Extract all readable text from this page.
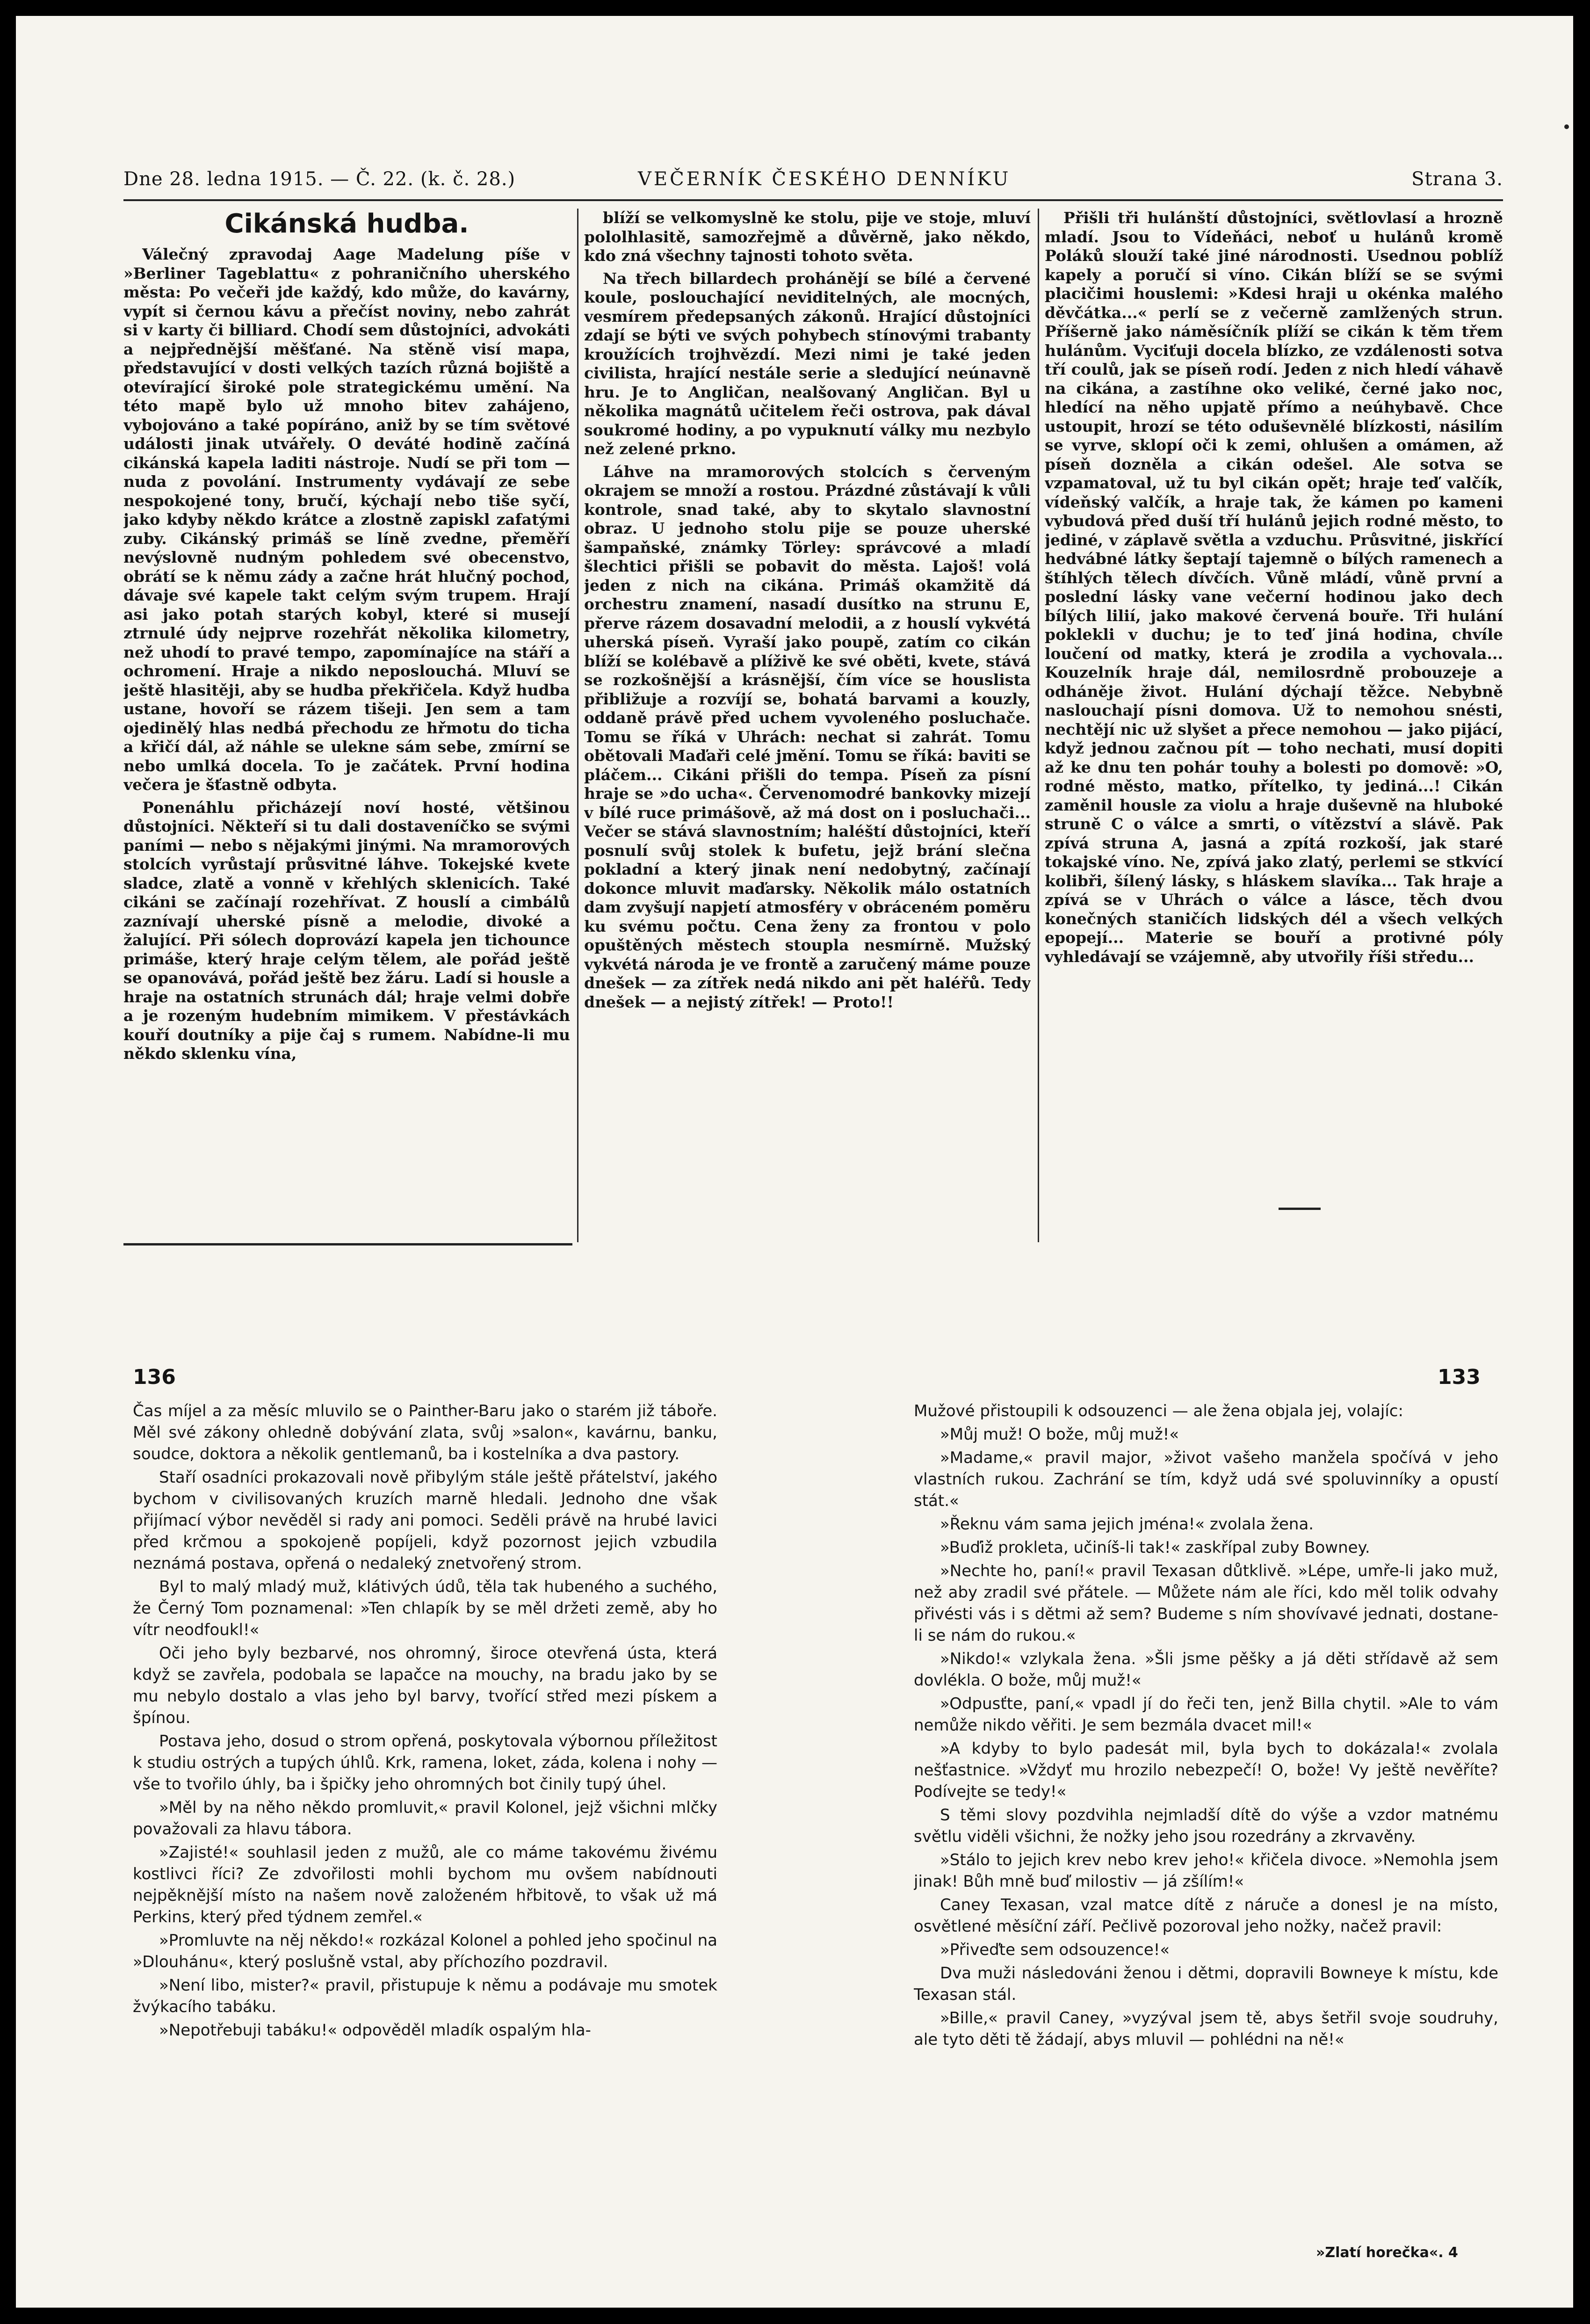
Dne 28. ledna 1915. — Č. 22. (k. č. 28.)	VEČERNÍK ČESKÉHO DENNÍKU	Strana 3.

Cikánská hudba.

Válečný zpravodaj Aage Madelung píše v »Berliner Tageblattu« z pohraničního uherského města: Po večeři jde každý, kdo může, do kavárny, vypít si černou kávu a přečíst noviny, nebo zahrát si v karty či billiard. Chodí sem důstojníci, advokáti a nejpřednější měšťané. Na stěně visí mapa, představující v dosti velkých tazích různá bojiště a otevírající široké pole strategickému umění. Na této mapě bylo už mnoho bitev zahájeno, vybojováno a také popíráno, aniž by se tím světové události jinak utvářely. O deváté hodině začíná cikánská kapela laditi nástroje. Nudí se při tom — nuda z povolání. Instrumenty vydávají ze sebe nespokojené tony, bručí, kýchají nebo tiše syčí, jako kdyby někdo krátce a zlostně zapiskl zafatými zuby. Cikánský primáš se líně zvedne, přeměří nevýslovně nudným pohledem své obecenstvo, obrátí se k němu zády a začne hrát hlučný pochod, dávaje své kapele takt celým svým trupem. Hrají asi jako potah starých kobyl, které si musejí ztrnulé údy nejprve rozehřát několika kilometry, než uhodí to pravé tempo, zapomínajíce na stáří a ochromení. Hraje a nikdo neposlouchá. Mluví se ještě hlasitěji, aby se hudba překřičela. Když hudba ustane, hovoří se rázem tišeji. Jen sem a tam ojedinělý hlas nedbá přechodu ze hřmotu do ticha a křičí dál, až náhle se ulekne sám sebe, zmírní se nebo umlká docela. To je začátek. První hodina večera je šťastně odbyta.

Ponenáhlu přicházejí noví hosté, většinou důstojníci. Někteří si tu dali dostaveníčko se svými paními — nebo s nějakými jinými. Na mramorových stolcích vyrůstají průsvitné láhve. Tokejské kvete sladce, zlatě a vonně v křehlých sklenicích. Také cikáni se začínají rozehřívat. Z houslí a cimbálů zaznívají uherské písně a melodie, divoké a žalující. Při sólech doprovází kapela jen tichounce primáše, který hraje celým tělem, ale pořád ještě se opanovává, pořád ještě bez žáru. Ladí si housle a hraje na ostatních strunách dál; hraje velmi dobře a je rozeným hudebním mimikem. V přestávkách kouří doutníky a pije čaj s rumem. Nabídne-li mu někdo sklenku vína,

blíží se velkomyslně ke stolu, pije ve stoje, mluví pololhlasitě, samozřejmě a důvěrně, jako někdo, kdo zná všechny tajnosti tohoto světa.

Na třech billardech prohánějí se bílé a červené koule, poslouchající neviditelných, ale mocných, vesmírem předepsaných zákonů. Hrající důstojníci zdají se býti ve svých pohybech stínovými trabanty kroužících trojhvězdí. Mezi nimi je také jeden civilista, hrající nestále serie a sledující neúnavně hru. Je to Angličan, nealšovaný Angličan. Byl u několika magnátů učitelem řeči ostrova, pak dával soukromé hodiny, a po vypuknutí války mu nezbylo než zelené prkno.

Láhve na mramorových stolcích s červeným okrajem se množí a rostou. Prázdné zůstávají k vůli kontrole, snad také, aby to skytalo slavnostní obraz. U jednoho stolu pije se pouze uherské šampaňské, známky Törley: správcové a mladí šlechtici přišli se pobavit do města. Lajoš! volá jeden z nich na cikána. Primáš okamžitě dá orchestru znamení, nasadí dusítko na strunu E, přerve rázem dosavadní melodii, a z houslí vykvétá uherská píseň. Vyraší jako poupě, zatím co cikán blíží se kolébavě a plíživě ke své oběti, kvete, stává se rozkošnější a krásnější, čím více se houslista přibližuje a rozvíjí se, bohatá barvami a kouzly, oddaně právě před uchem vyvoleného posluchače. Tomu se říká v Uhrách: nechat si zahrát. Tomu obětovali Maďaři celé jmění. Tomu se říká: baviti se pláčem... Cikáni přišli do tempa. Píseň za písní hraje se »do ucha«. Červenomodré bankovky mizejí v bílé ruce primášově, až má dost on i posluchači... Večer se stává slavnostním; haléští důstojníci, kteří posnulí svůj stolek k bufetu, jejž brání slečna pokladní a který jinak není nedobytný, začínají dokonce mluvit maďarsky. Několik málo ostatních dam zvyšují napjetí atmosféry v obráceném poměru ku svému počtu. Cena ženy za frontou v polo opuštěných městech stoupla nesmírně. Mužský vykvétá národa je ve frontě a zaručený máme pouze dnešek — za zítřek nedá nikdo ani pět haléřů. Tedy dnešek — a nejistý zítřek! — Proto!!

Přišli tři hulánští důstojníci, světlovlasí a hrozně mladí. Jsou to Vídeňáci, neboť u hulánů kromě Poláků slouží také jiné národnosti. Usednou poblíž kapely a poručí si víno. Cikán blíží se se svými placičimi houslemi: »Kdesi hraji u okénka malého děvčátka...« perlí se z večerně zamlžených strun. Příšerně jako náměsíčník plíží se cikán k těm třem hulánům. Vyciťuji docela blízko, ze vzdálenosti sotva tří coulů, jak se píseň rodí. Jeden z nich hledí váhavě na cikána, a zastíhne oko veliké, černé jako noc, hledící na něho upjatě přímo a neúhybavě. Chce ustoupit, hrozí se této oduševnělé blízkosti, násilím se vyrve, sklopí oči k zemi, ohlušen a omámen, až píseň dozněla a cikán odešel. Ale sotva se vzpamatoval, už tu byl cikán opět; hraje teď valčík, vídeňský valčík, a hraje tak, že kámen po kameni vybudová před duší tří hulánů jejich rodné město, to jediné, v záplavě světla a vzduchu. Průsvitné, jiskřící hedvábné látky šeptají tajemně o bílých ramenech a štíhlých tělech dívčích. Vůně mládí, vůně první a poslední lásky vane večerní hodinou jako dech bílých lilií, jako makové červená bouře. Tři hulání poklekli v duchu; je to teď jiná hodina, chvíle loučení od matky, která je zrodila a vychovala... Kouzelník hraje dál, nemilosrdně probouzeje a odháněje život. Hulání dýchají těžce. Nebybně naslouchají písni domova. Už to nemohou snésti, nechtějí nic už slyšet a přece nemohou — jako pijácí, když jednou začnou pít — toho nechati, musí dopiti až ke dnu ten pohár touhy a bolesti po domově: »O, rodné město, matko, přítelko, ty jediná...! Cikán zaměnil housle za violu a hraje duševně na hluboké struně C o válce a smrti, o vítězství a slávě. Pak zpívá struna A, jasná a zpítá rozkoší, jak staré tokajské víno. Ne, zpívá jako zlatý, perlemi se stkvící kolibři, šílený lásky, s hláskem slavíka... Tak hraje a zpívá se v Uhrách o válce a lásce, těch dvou konečných staničích lidských dél a všech velkých epopejí... Materie se bouří a protivné póly vyhledávají se vzájemně, aby utvořily říši středu...

136	133

Čas míjel a za měsíc mluvilo se o Painther-Baru jako o starém již táboře. Měl své zákony ohledně dobývání zlata, svůj »salon«, kavárnu, banku, soudce, doktora a několik gentlemanů, ba i kostelníka a dva pastory.

Staří osadníci prokazovali nově přibylým stále ještě přátelství, jakého bychom v civilisovaných kruzích marně hledali. Jednoho dne však přijímací výbor nevěděl si rady ani pomoci. Seděli právě na hrubé lavici před krčmou a spokojeně popíjeli, když pozornost jejich vzbudila neznámá postava, opřená o nedaleký znetvořený strom.

Byl to malý mladý muž, klátivých údů, těla tak hubeného a suchého, že Černý Tom poznamenal: »Ten chlapík by se měl držeti země, aby ho vítr neodfoukl!«

Oči jeho byly bezbarvé, nos ohromný, široce otevřená ústa, která když se zavřela, podobala se lapačce na mouchy, na bradu jako by se mu nebylo dostalo a vlas jeho byl barvy, tvořící střed mezi pískem a špínou.

Postava jeho, dosud o strom opřená, poskytovala výbornou příležitost k studiu ostrých a tupých úhlů. Krk, ramena, loket, záda, kolena i nohy — vše to tvořilo úhly, ba i špičky jeho ohromných bot činily tupý úhel.

»Měl by na něho někdo promluvit,« pravil Kolonel, jejž všichni mlčky považovali za hlavu tábora.

»Zajisté!« souhlasil jeden z mužů, ale co máme takovému živému kostlivci říci? Ze zdvořilosti mohli bychom mu ovšem nabídnouti nejpěknější místo na našem nově založeném hřbitově, to však už má Perkins, který před týdnem zemřel.«

»Promluvte na něj někdo!« rozkázal Kolonel a pohled jeho spočinul na »Dlouhánu«, který poslušně vstal, aby příchozího pozdravil.

»Není libo, mister?« pravil, přistupuje k němu a podávaje mu smotek žvýkacího tabáku.

»Nepotřebuji tabáku!« odpověděl mladík ospalým hla-

Mužové přistoupili k odsouzenci — ale žena objala jej, volajíc:

»Můj muž! O bože, můj muž!«

»Madame,« pravil major, »život vašeho manžela spočívá v jeho vlastních rukou. Zachrání se tím, když udá své spoluvinníky a opustí stát.«

»Řeknu vám sama jejich jména!« zvolala žena.

»Buďiž prokleta, učiníš-li tak!« zaskřípal zuby Bowney.

»Nechte ho, paní!« pravil Texasan důtklivě. »Lépe, umře-li jako muž, než aby zradil své přátele. — Můžete nám ale říci, kdo měl tolik odvahy přivésti vás i s dětmi až sem? Budeme s ním shovívavé jednati, dostane-li se nám do rukou.«

»Nikdo!« vzlykala žena. »Šli jsme pěšky a já děti střídavě až sem dovlékla. O bože, můj muž!«

»Odpusťte, paní,« vpadl jí do řeči ten, jenž Billa chytil. »Ale to vám nemůže nikdo věřiti. Je sem bezmála dvacet mil!«

»A kdyby to bylo padesát mil, byla bych to dokázala!« zvolala nešťastnice. »Vždyť mu hrozilo nebezpečí! O, bože! Vy ještě nevěříte? Podívejte se tedy!«

S těmi slovy pozdvihla nejmladší dítě do výše a vzdor matnému světlu viděli všichni, že nožky jeho jsou rozedrány a zkrvavěny.

»Stálo to jejich krev nebo krev jeho!« křičela divoce. »Nemohla jsem jinak! Bůh mně buď milostiv — já zšílím!«

Caney Texasan, vzal matce dítě z náruče a donesl je na místo, osvětlené měsíční září. Pečlivě pozoroval jeho nožky, načež pravil:

»Přiveďte sem odsouzence!«

Dva muži následováni ženou i dětmi, dopravili Bowneye k místu, kde Texasan stál.

»Bille,« pravil Caney, »vyzýval jsem tě, abys šetřil svoje soudruhy, ale tyto děti tě žádají, abys mluvil — pohlédni na ně!«

»Zlatí horečka«. 4
